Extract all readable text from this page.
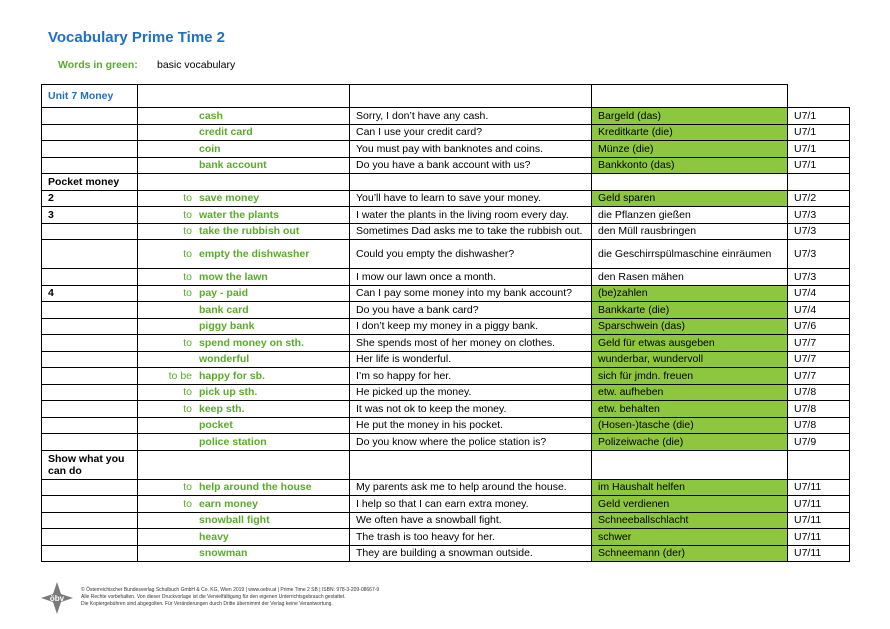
Vocabulary Prime Time 2
Words in green: basic vocabulary
Unit 7 Money				
	cash	Sorry, I don’t have any cash.	Bargeld (das)	U7/1
	credit card	Can I use your credit card?	Kreditkarte (die)	U7/1
	coin	You must pay with banknotes and coins.	Münze (die)	U7/1
	bank account	Do you have a bank account with us?	Bankkonto (das)	U7/1
Pocket money				
2	to save money	You’ll have to learn to save your money.	Geld sparen	U7/2
3	to water the plants	I water the plants in the living room every day.	die Pflanzen gießen	U7/3
	to take the rubbish out	Sometimes Dad asks me to take the rubbish out.	den Müll rausbringen	U7/3
	to empty the dishwasher	Could you empty the dishwasher?	die Geschirrspülmaschine einräumen	U7/3
	to mow the lawn	I mow our lawn once a month.	den Rasen mähen	U7/3
4	to pay - paid	Can I pay some money into my bank account?	(be)zahlen	U7/4
	bank card	Do you have a bank card?	Bankkarte (die)	U7/4
	piggy bank	I don’t keep my money in a piggy bank.	Sparschwein (das)	U7/6
	to spend money on sth.	She spends most of her money on clothes.	Geld für etwas ausgeben	U7/7
	wonderful	Her life is wonderful.	wunderbar, wundervoll	U7/7
	to be happy for sb.	I’m so happy for her.	sich für jmdn. freuen	U7/7
	to pick up sth.	He picked up the money.	etw. aufheben	U7/8
	to keep sth.	It was not ok to keep the money.	etw. behalten	U7/8
	pocket	He put the money in his pocket.	(Hosen-)tasche (die)	U7/8
	police station	Do you know where the police station is?	Polizeiwache (die)	U7/9
Show what you can do				
	to help around the house	My parents ask me to help around the house.	im Haushalt helfen	U7/11
	to earn money	I help so that I can earn extra money.	Geld verdienen	U7/11
	snowball fight	We often have a snowball fight.	Schneeballschlacht	U7/11
	heavy	The trash is too heavy for her.	schwer	U7/11
	snowman	They are building a snowman outside.	Schneemann (der)	U7/11
öbv
© Österreichischer Bundesverlag Schulbuch GmbH & Co. KG, Wien 2019 | www.oebv.at | Prime Time 2 SB | ISBN: 978-3-209-08667-9
Alle Rechte vorbehalten. Von dieser Druckvorlage ist die Vervielfältigung für den eigenen Unterrichtsgebrauch gestattet.
Die Kopiergebühren sind abgegolten. Für Veränderungen durch Dritte übernimmt der Verlag keine Verantwortung.
